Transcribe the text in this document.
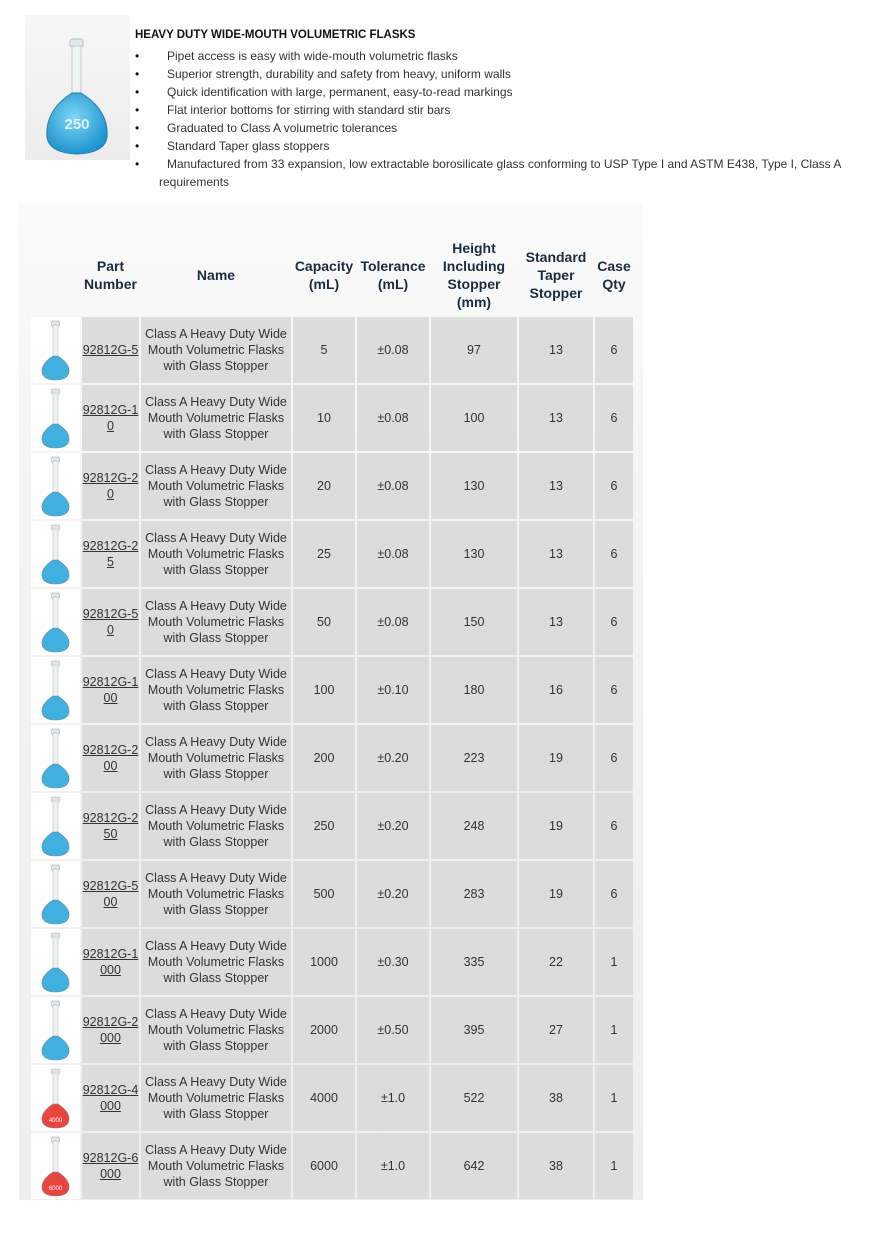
250
HEAVY DUTY WIDE-MOUTH VOLUMETRIC FLASKS
• Pipet access is easy with wide-mouth volumetric flasks
• Superior strength, durability and safety from heavy, uniform walls
• Quick identification with large, permanent, easy-to-read markings
• Flat interior bottoms for stirring with standard stir bars
• Graduated to Class A volumetric tolerances
• Standard Taper glass stoppers
• Manufactured from 33 expansion, low extractable borosilicate glass conforming to USP Type I and ASTM E438, Type I, Class A
requirements
	Part
Number	Name	Capacity
(mL)	Tolerance
(mL)	Height
Including
Stopper
(mm)	Standard
Taper
Stopper	Case
Qty

	92812G-5	Class A Heavy Duty Wide Mouth Volumetric Flasks with Glass Stopper	5	±0.08	97	13	6

	92812G-10	Class A Heavy Duty Wide Mouth Volumetric Flasks with Glass Stopper	10	±0.08	100	13	6

	92812G-20	Class A Heavy Duty Wide Mouth Volumetric Flasks with Glass Stopper	20	±0.08	130	13	6

	92812G-25	Class A Heavy Duty Wide Mouth Volumetric Flasks with Glass Stopper	25	±0.08	130	13	6

	92812G-50	Class A Heavy Duty Wide Mouth Volumetric Flasks with Glass Stopper	50	±0.08	150	13	6

	92812G-100	Class A Heavy Duty Wide Mouth Volumetric Flasks with Glass Stopper	100	±0.10	180	16	6

	92812G-200	Class A Heavy Duty Wide Mouth Volumetric Flasks with Glass Stopper	200	±0.20	223	19	6

	92812G-250	Class A Heavy Duty Wide Mouth Volumetric Flasks with Glass Stopper	250	±0.20	248	19	6

	92812G-500	Class A Heavy Duty Wide Mouth Volumetric Flasks with Glass Stopper	500	±0.20	283	19	6

	92812G-1000	Class A Heavy Duty Wide Mouth Volumetric Flasks with Glass Stopper	1000	±0.30	335	22	1

	92812G-2000	Class A Heavy Duty Wide Mouth Volumetric Flasks with Glass Stopper	2000	±0.50	395	27	1

4000	92812G-4000	Class A Heavy Duty Wide Mouth Volumetric Flasks with Glass Stopper	4000	±1.0	522	38	1

6000	92812G-6000	Class A Heavy Duty Wide Mouth Volumetric Flasks with Glass Stopper	6000	±1.0	642	38	1
